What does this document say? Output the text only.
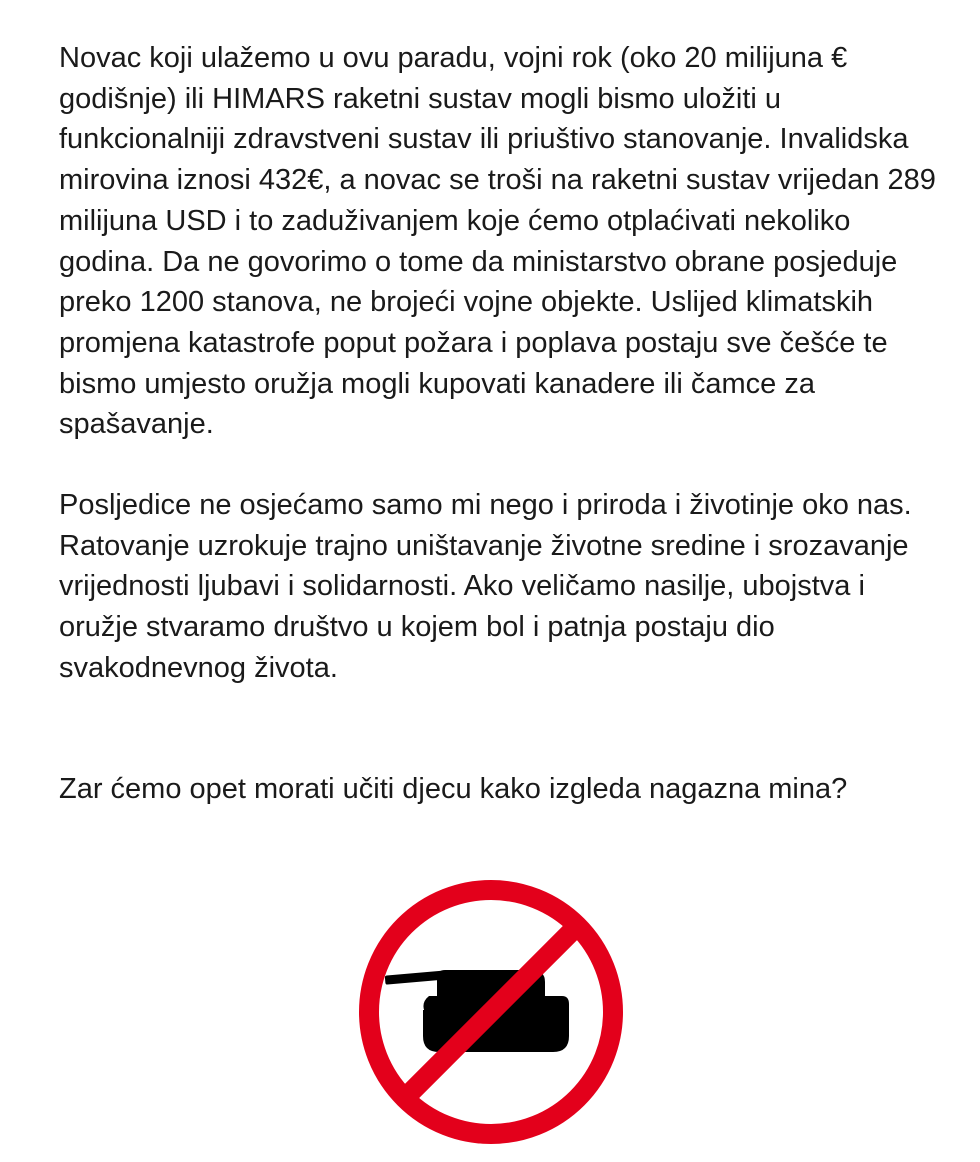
Novac koji ulažemo u ovu paradu, vojni rok (oko 20 milijuna € godišnje) ili HIMARS raketni sustav mogli bismo uložiti u funkcionalniji zdravstveni sustav ili priuštivo stanovanje. Invalidska mirovina iznosi 432€, a novac se troši na raketni sustav vrijedan 289 milijuna USD i to zaduživanjem koje ćemo otplaćivati nekoliko godina. Da ne govorimo o tome da ministarstvo obrane posjeduje preko 1200 stanova, ne brojeći vojne objekte. Uslijed klimatskih promjena katastrofe poput požara i poplava postaju sve češće te bismo umjesto oružja mogli kupovati kanadere ili čamce za spašavanje.

Posljedice ne osjećamo samo mi nego i priroda i životinje oko nas. Ratovanje uzrokuje trajno uništavanje životne sredine i srozavanje vrijednosti ljubavi i solidarnosti. Ako veličamo nasilje, ubojstva i oružje stvaramo društvo u kojem bol i patnja postaju dio svakodnevnog života.

Zar ćemo opet morati učiti djecu kako izgleda nagazna mina?
